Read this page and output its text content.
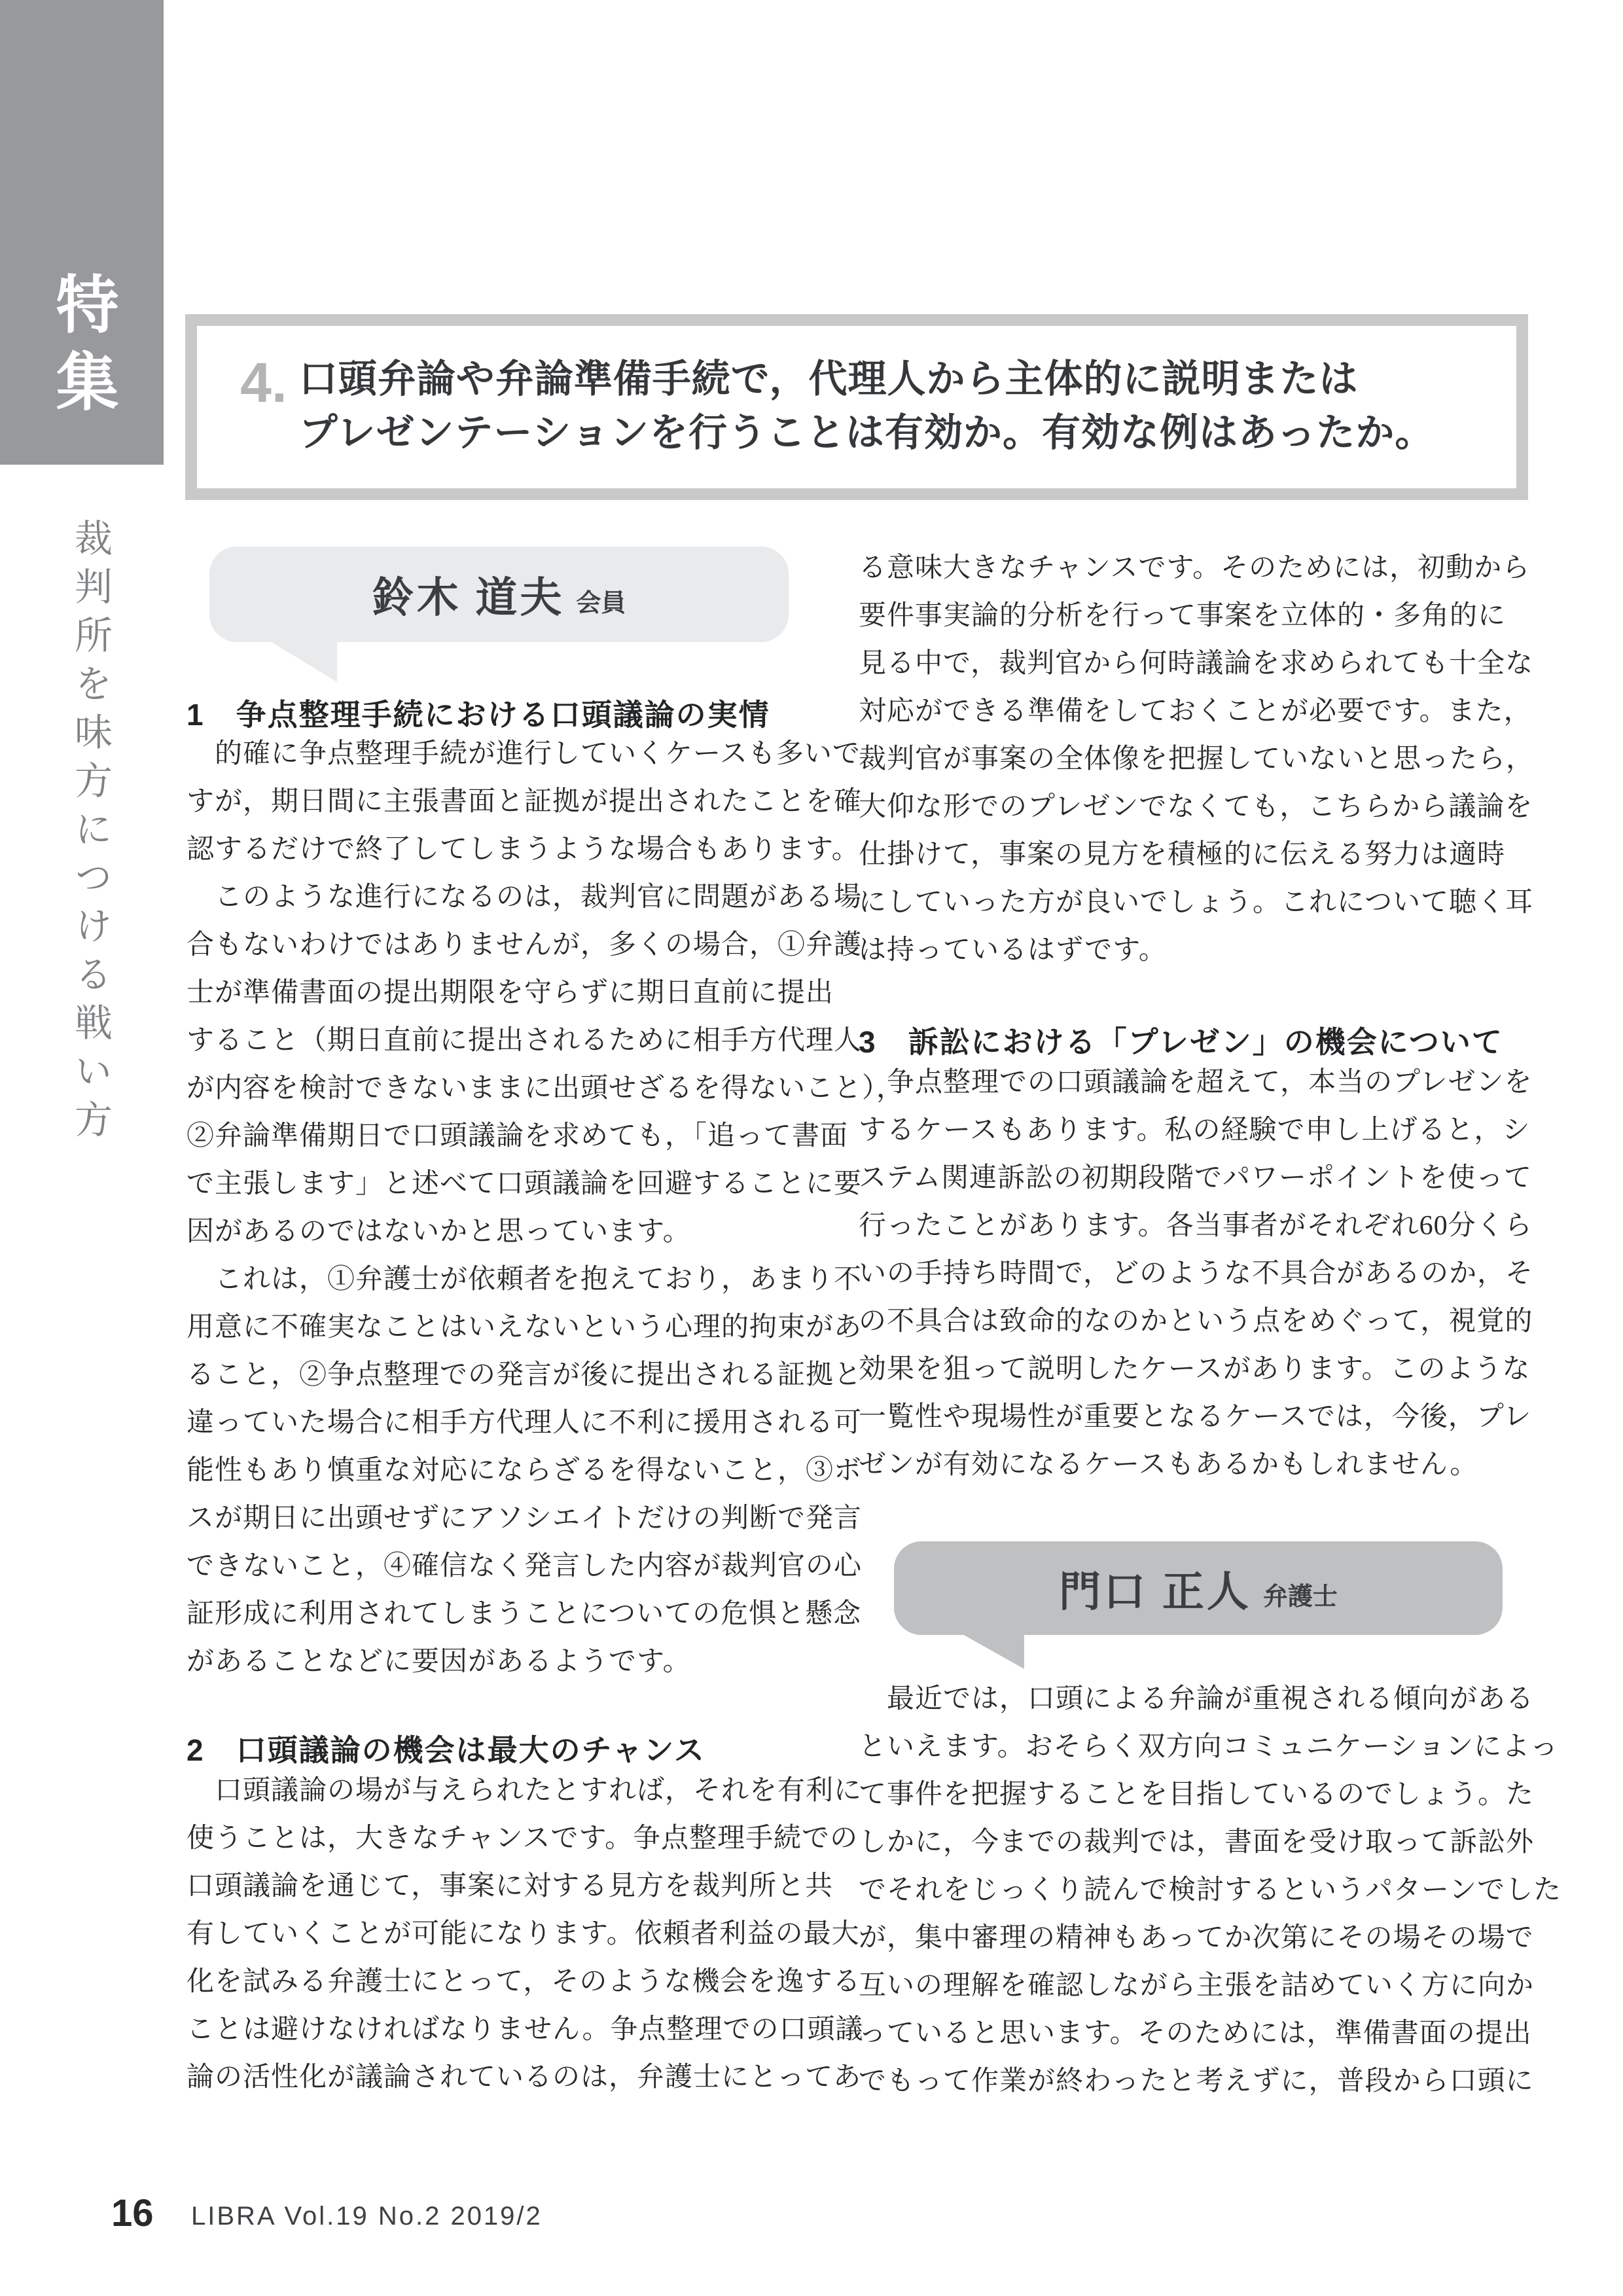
特集
裁判所を味方につける戦い方
4. 口頭弁論や弁論準備手続で，代理人から主体的に説明または
プレゼンテーションを行うことは有効か。有効な例はあったか。
鈴木 道夫 会員
1　争点整理手続における口頭議論の実情
　的確に争点整理手続が進行していくケースも多いで
すが，期日間に主張書面と証拠が提出されたことを確
認するだけで終了してしまうような場合もあります。
　このような進行になるのは，裁判官に問題がある場
合もないわけではありませんが，多くの場合，①弁護
士が準備書面の提出期限を守らずに期日直前に提出
すること（期日直前に提出されるために相手方代理人
が内容を検討できないままに出頭せざるを得ないこと），
②弁論準備期日で口頭議論を求めても，「追って書面
で主張します」と述べて口頭議論を回避することに要
因があるのではないかと思っています。
　これは，①弁護士が依頼者を抱えており，あまり不
用意に不確実なことはいえないという心理的拘束があ
ること，②争点整理での発言が後に提出される証拠と
違っていた場合に相手方代理人に不利に援用される可
能性もあり慎重な対応にならざるを得ないこと，③ボ
スが期日に出頭せずにアソシエイトだけの判断で発言
できないこと，④確信なく発言した内容が裁判官の心
証形成に利用されてしまうことについての危惧と懸念
があることなどに要因があるようです。
2　口頭議論の機会は最大のチャンス
　口頭議論の場が与えられたとすれば，それを有利に
使うことは，大きなチャンスです。争点整理手続での
口頭議論を通じて，事案に対する見方を裁判所と共
有していくことが可能になります。依頼者利益の最大
化を試みる弁護士にとって，そのような機会を逸する
ことは避けなければなりません。争点整理での口頭議
論の活性化が議論されているのは，弁護士にとってあ
る意味大きなチャンスです。そのためには，初動から
要件事実論的分析を行って事案を立体的・多角的に
見る中で，裁判官から何時議論を求められても十全な
対応ができる準備をしておくことが必要です。また，
裁判官が事案の全体像を把握していないと思ったら，
大仰な形でのプレゼンでなくても，こちらから議論を
仕掛けて，事案の見方を積極的に伝える努力は適時
にしていった方が良いでしょう。これについて聴く耳
は持っているはずです。
3　訴訟における「プレゼン」の機会について
　争点整理での口頭議論を超えて，本当のプレゼンを
するケースもあります。私の経験で申し上げると，シ
ステム関連訴訟の初期段階でパワーポイントを使って
行ったことがあります。各当事者がそれぞれ60分くら
いの手持ち時間で，どのような不具合があるのか，そ
の不具合は致命的なのかという点をめぐって，視覚的
効果を狙って説明したケースがあります。このような
一覧性や現場性が重要となるケースでは，今後，プレ
ゼンが有効になるケースもあるかもしれません。
門口 正人 弁護士
　最近では，口頭による弁論が重視される傾向がある
といえます。おそらく双方向コミュニケーションによっ
て事件を把握することを目指しているのでしょう。た
しかに，今までの裁判では，書面を受け取って訴訟外
でそれをじっくり読んで検討するというパターンでした
が，集中審理の精神もあってか次第にその場その場で
互いの理解を確認しながら主張を詰めていく方に向か
っていると思います。そのためには，準備書面の提出
でもって作業が終わったと考えずに，普段から口頭に
16 LIBRA Vol.19 No.2 2019/2
